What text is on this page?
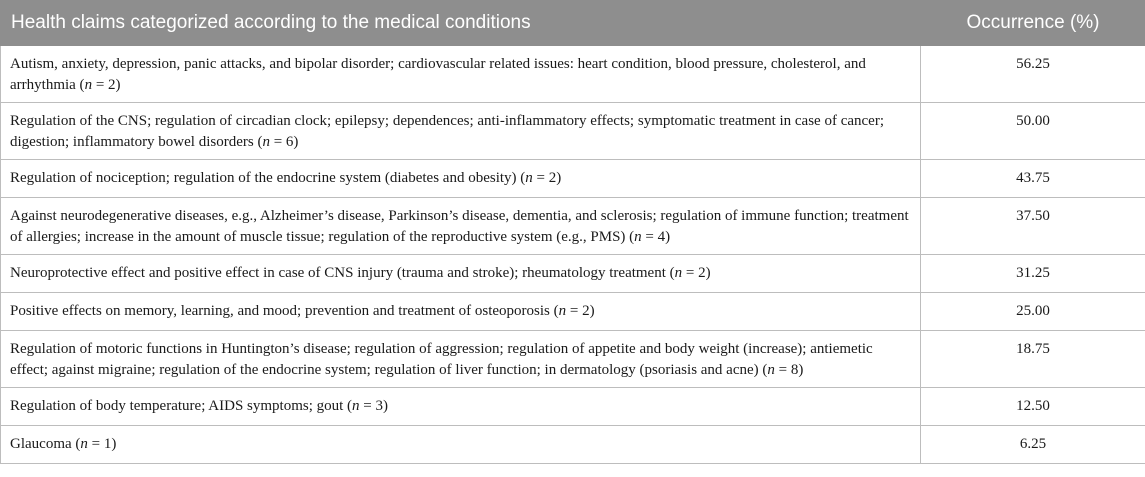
Health claims categorized according to the medical conditions	Occurrence (%)
Autism, anxiety, depression, panic attacks, and bipolar disorder; cardiovascular related issues: heart condition, blood pressure, cholesterol, and arrhythmia (n = 2)	56.25
Regulation of the CNS; regulation of circadian clock; epilepsy; dependences; anti-inflammatory effects; symptomatic treatment in case of cancer; digestion; inflammatory bowel disorders (n = 6)	50.00
Regulation of nociception; regulation of the endocrine system (diabetes and obesity) (n = 2)	43.75
Against neurodegenerative diseases, e.g., Alzheimer’s disease, Parkinson’s disease, dementia, and sclerosis; regulation of immune function; treatment of allergies; increase in the amount of muscle tissue; regulation of the reproductive system (e.g., PMS) (n = 4)	37.50
Neuroprotective effect and positive effect in case of CNS injury (trauma and stroke); rheumatology treatment (n = 2)	31.25
Positive effects on memory, learning, and mood; prevention and treatment of osteoporosis (n = 2)	25.00
Regulation of motoric functions in Huntington’s disease; regulation of aggression; regulation of appetite and body weight (increase); antiemetic effect; against migraine; regulation of the endocrine system; regulation of liver function; in dermatology (psoriasis and acne) (n = 8)	18.75
Regulation of body temperature; AIDS symptoms; gout (n = 3)	12.50
Glaucoma (n = 1)	6.25
